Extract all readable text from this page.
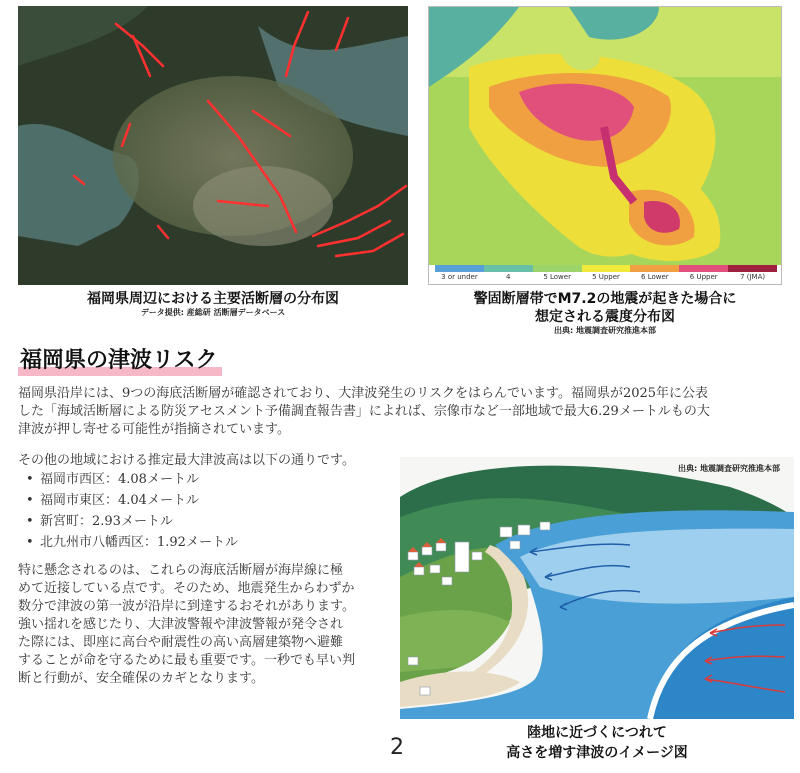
福岡県周辺における主要活断層の分布図
データ提供: 産総研 活断層データベース
3 or under	4	5 Lower	5 Upper	6 Lower	6 Upper	7 (JMA)
警固断層帯でM7.2の地震が起きた場合に
想定される震度分布図
出典: 地震調査研究推進本部
福岡県の津波リスク
福岡県沿岸には、9つの海底活断層が確認されており、大津波発生のリスクをはらんでいます。福岡県が2025年に公表
した「海域活断層による防災アセスメント予備調査報告書」によれば、宗像市など一部地域で最大6.29メートルもの大
津波が押し寄せる可能性が指摘されています。
その他の地域における推定最大津波高は以下の通りです。
• 福岡市西区：4.08メートル
• 福岡市東区：4.04メートル
• 新宮町：2.93メートル
• 北九州市八幡西区：1.92メートル
特に懸念されるのは、これらの海底活断層が海岸線に極
めて近接している点です。そのため、地震発生からわずか
数分で津波の第一波が沿岸に到達するおそれがあります。
強い揺れを感じたり、大津波警報や津波警報が発令され
た際には、即座に高台や耐震性の高い高層建築物へ避難
することが命を守るために最も重要です。一秒でも早い判
断と行動が、安全確保のカギとなります。
出典: 地震調査研究推進本部
陸地に近づくにつれて
高さを増す津波のイメージ図
2
